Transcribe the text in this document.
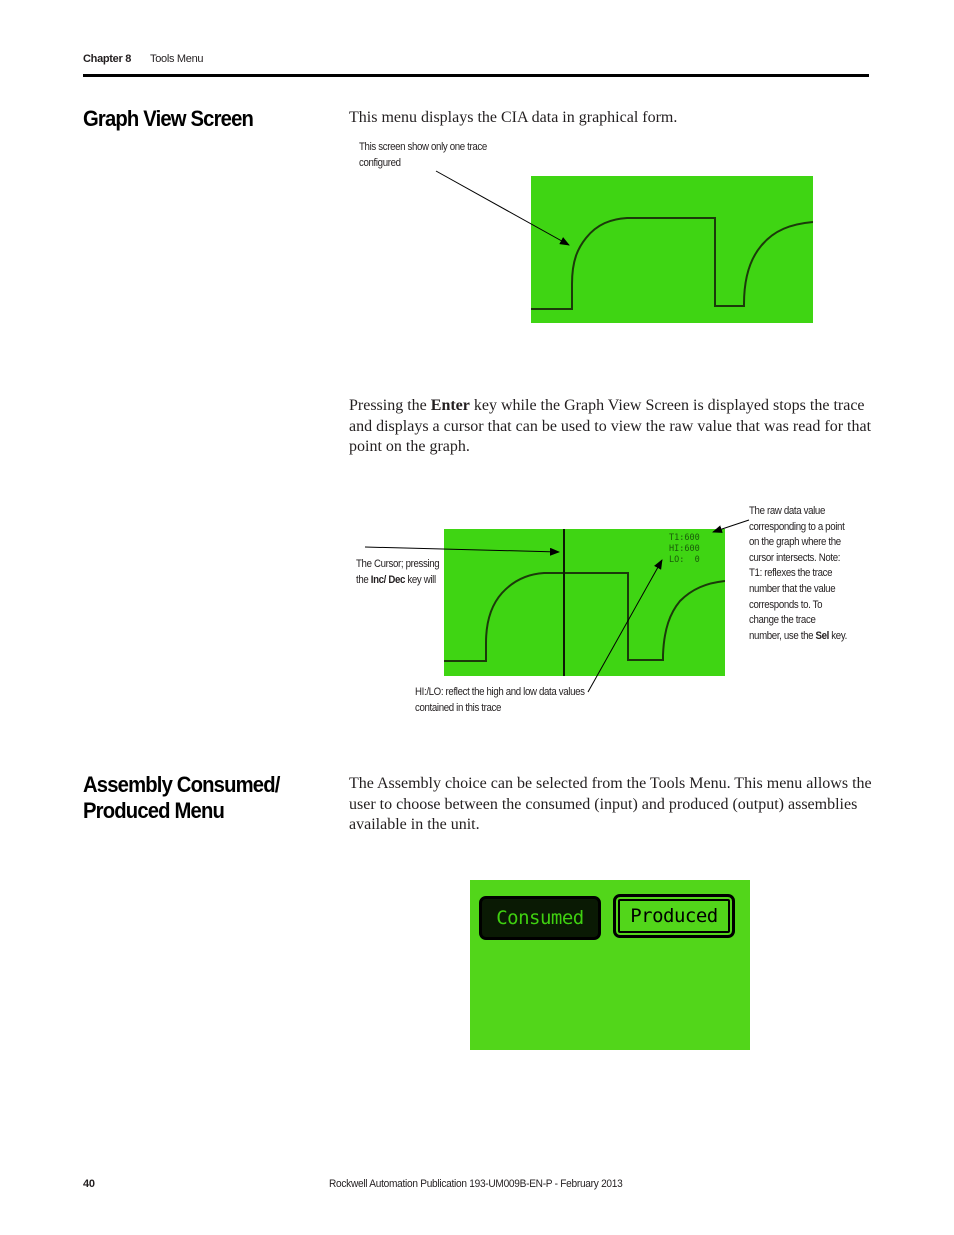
Chapter 8 Tools Menu
Graph View Screen	This menu displays the CIA data in graphical form.
This screen show only one trace configured
Pressing the Enter key while the Graph View Screen is displayed stops the trace and displays a cursor that can be used to view the raw value that was read for that point on the graph.
T1:600
HI:600
LO:  0
The Cursor; pressing the Inc/ Dec key will
The raw data value corresponding to a point on the graph where the cursor intersects. Note: T1: reflexes the trace number that the value corresponds to. To change the trace number, use the Sel key.
HI:/LO: reflect the high and low data values contained in this trace
Assembly Consumed/ Produced Menu
The Assembly choice can be selected from the Tools Menu. This menu allows the user to choose between the consumed (input) and produced (output) assemblies available in the unit.
Consumed	Produced
40	Rockwell Automation Publication 193-UM009B-EN-P - February 2013
